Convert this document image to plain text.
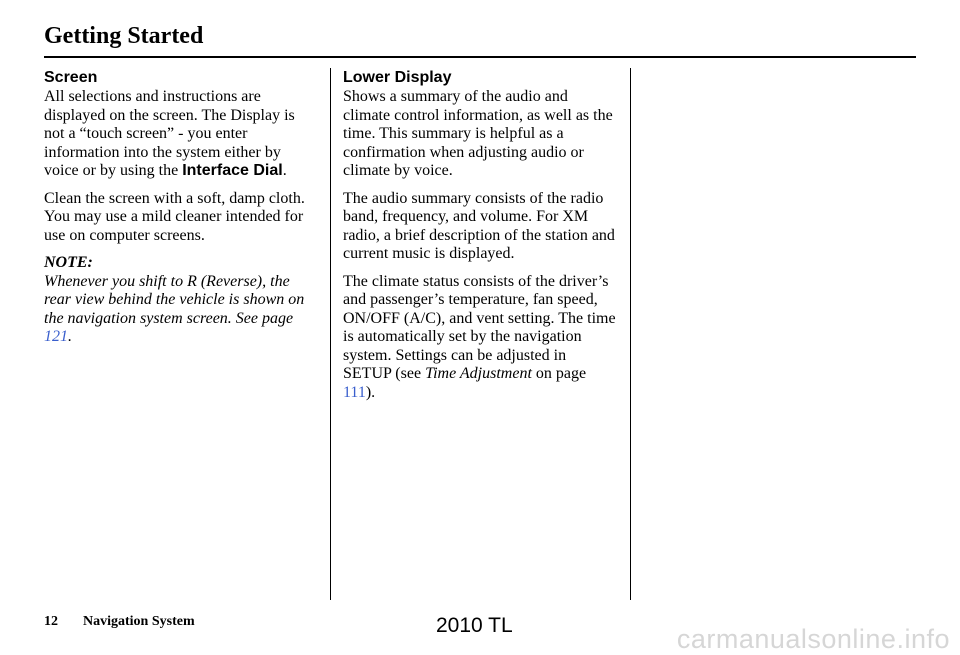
Getting Started
Screen

All selections and instructions are displayed on the screen. The Display is not a “touch screen” - you enter information into the system either by voice or by using the Interface Dial.

Clean the screen with a soft, damp cloth. You may use a mild cleaner intended for use on computer screens.

NOTE:

Whenever you shift to R (Reverse), the rear view behind the vehicle is shown on the navigation system screen. See page 121.

Lower Display

Shows a summary of the audio and climate control information, as well as the time. This summary is helpful as a confirmation when adjusting audio or climate by voice.

The audio summary consists of the radio band, frequency, and volume. For XM radio, a brief description of the station and current music is displayed.

The climate status consists of the driver’s and passenger’s temperature, fan speed, ON/OFF (A/C), and vent setting. The time is automatically set by the navigation system. Settings can be adjusted in SETUP (see Time Adjustment on page 111).

12 Navigation System	2010 TL	carmanualsonline.info
